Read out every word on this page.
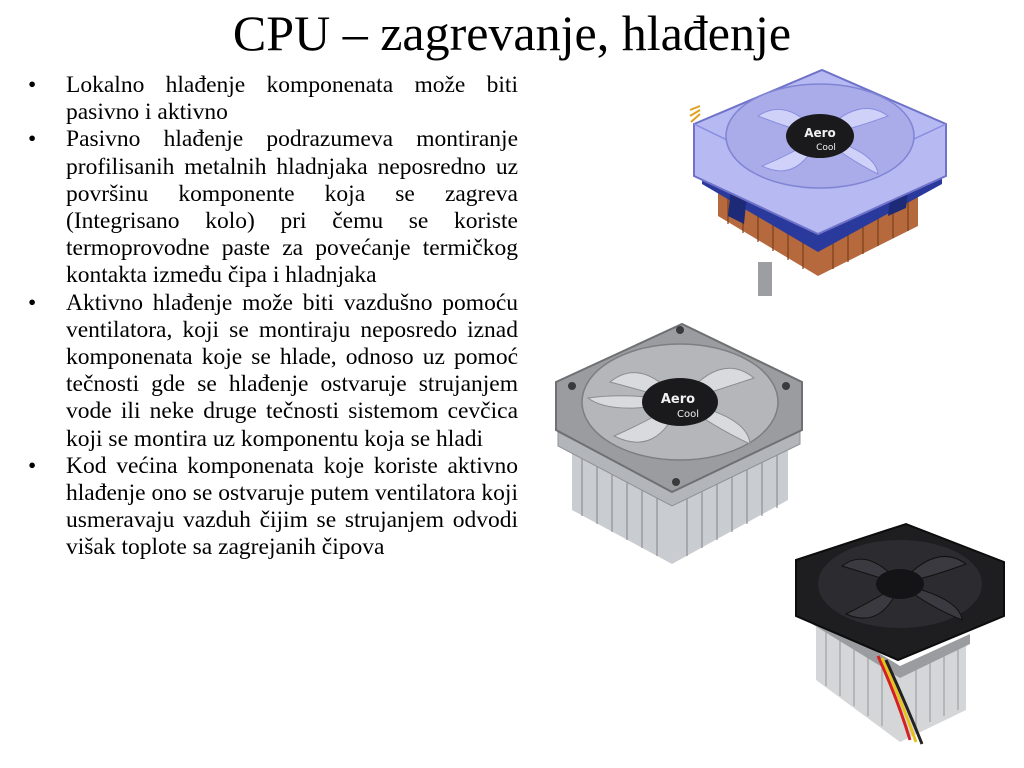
CPU – zagrevanje, hlađenje
• Lokalno hlađenje komponenata može biti pasivno i aktivno
• Pasivno hlađenje podrazumeva montiranje profilisanih metalnih hladnjaka neposredno uz površinu komponente koja se zagreva (Integrisano kolo) pri čemu se koriste termoprovodne paste za povećanje termičkog kontakta između čipa i hladnjaka
• Aktivno hlađenje može biti vazdušno pomoću ventilatora, koji se montiraju neposredo iznad komponenata koje se hlade, odnoso uz pomoć tečnosti gde se hlađenje ostvaruje strujanjem vode ili neke druge tečnosti sistemom cevčica koji se montira uz komponentu koja se hladi
• Kod većina komponenata koje koriste aktivno hlađenje ono se ostvaruje putem ventilatora koji usmeravaju vazduh čijim se strujanjem odvodi višak toplote sa zagrejanih čipova
Aero
Cool
Aero
Cool
